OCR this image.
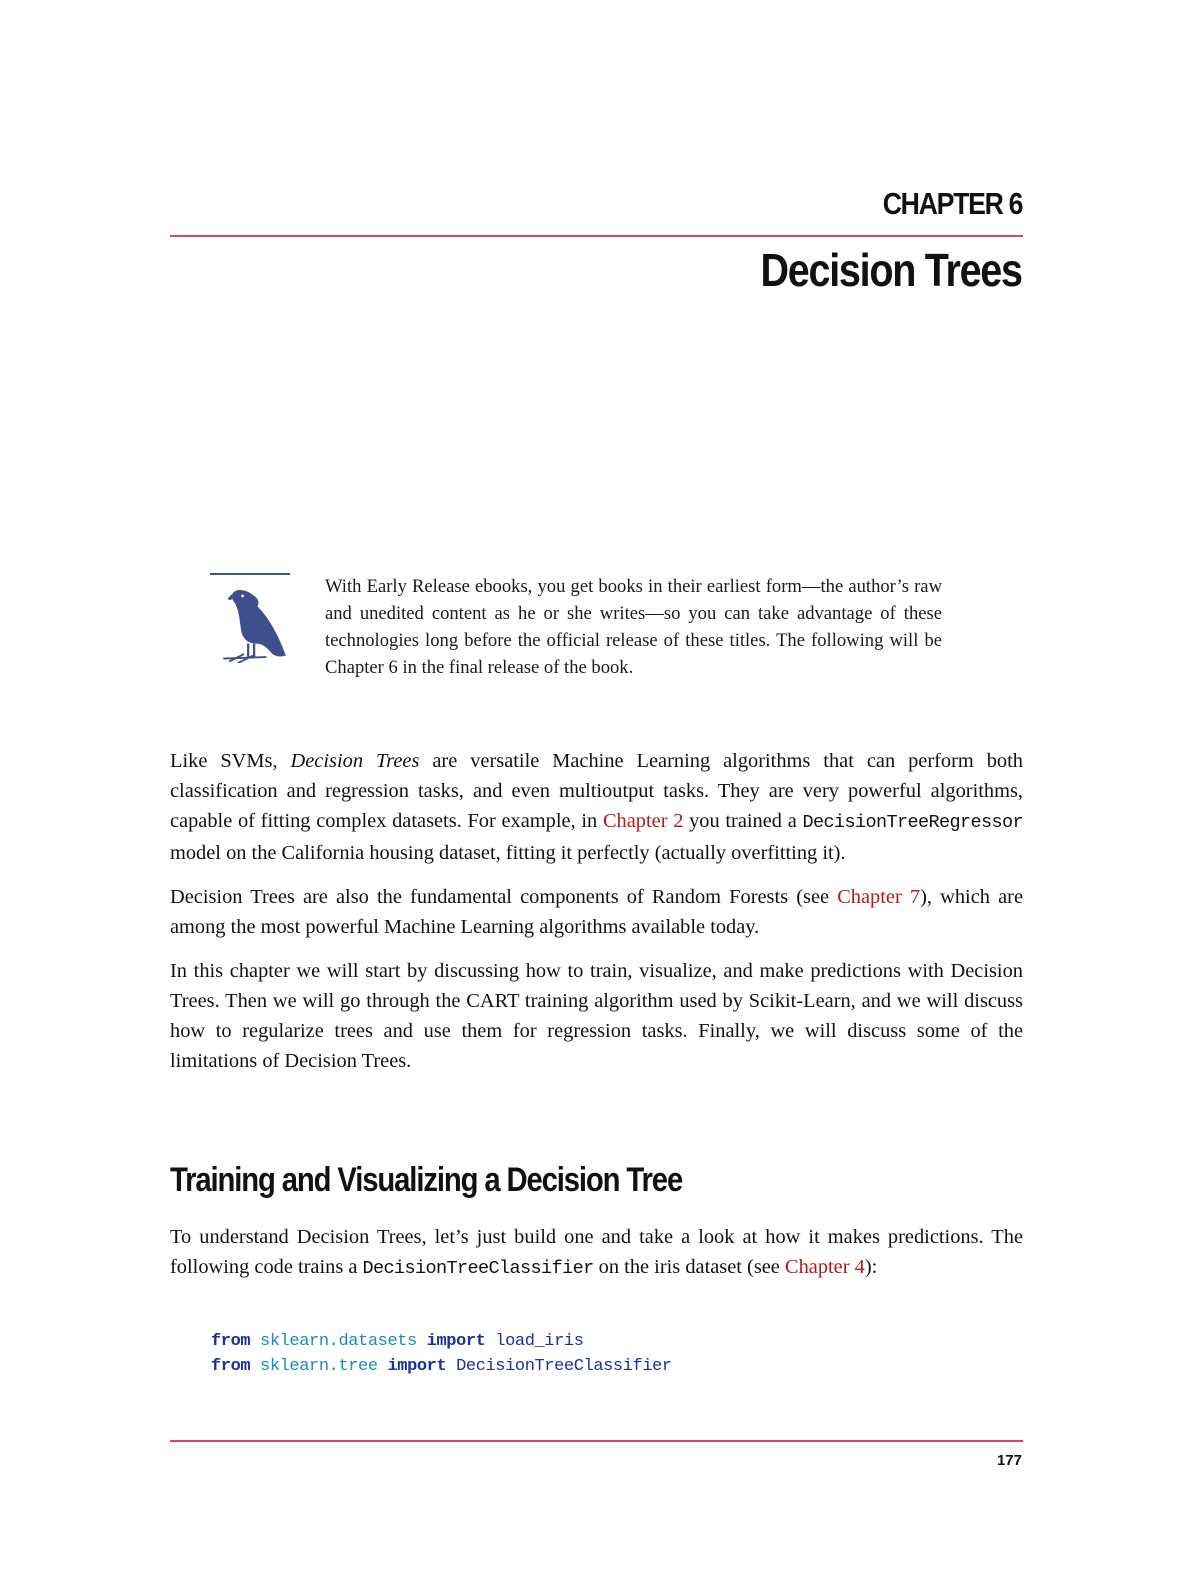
CHAPTER 6
Decision Trees
With Early Release ebooks, you get books in their earliest form—the author’s raw and unedited content as he or she writes—so you can take advantage of these technologies long before the official release of these titles. The following will be Chapter 6 in the final release of the book.

Like SVMs, Decision Trees are versatile Machine Learning algorithms that can perform both classification and regression tasks, and even multioutput tasks. They are very powerful algorithms, capable of fitting complex datasets. For example, in Chapter 2 you trained a DecisionTreeRegressor model on the California housing dataset, fitting it perfectly (actually overfitting it).

Decision Trees are also the fundamental components of Random Forests (see Chapter 7), which are among the most powerful Machine Learning algorithms available today.

In this chapter we will start by discussing how to train, visualize, and make predictions with Decision Trees. Then we will go through the CART training algorithm used by Scikit-Learn, and we will discuss how to regularize trees and use them for regression tasks. Finally, we will discuss some of the limitations of Decision Trees.

Training and Visualizing a Decision Tree

To understand Decision Trees, let’s just build one and take a look at how it makes predictions. The following code trains a DecisionTreeClassifier on the iris dataset (see Chapter 4):

from sklearn.datasets import load_iris
from sklearn.tree import DecisionTreeClassifier
177
